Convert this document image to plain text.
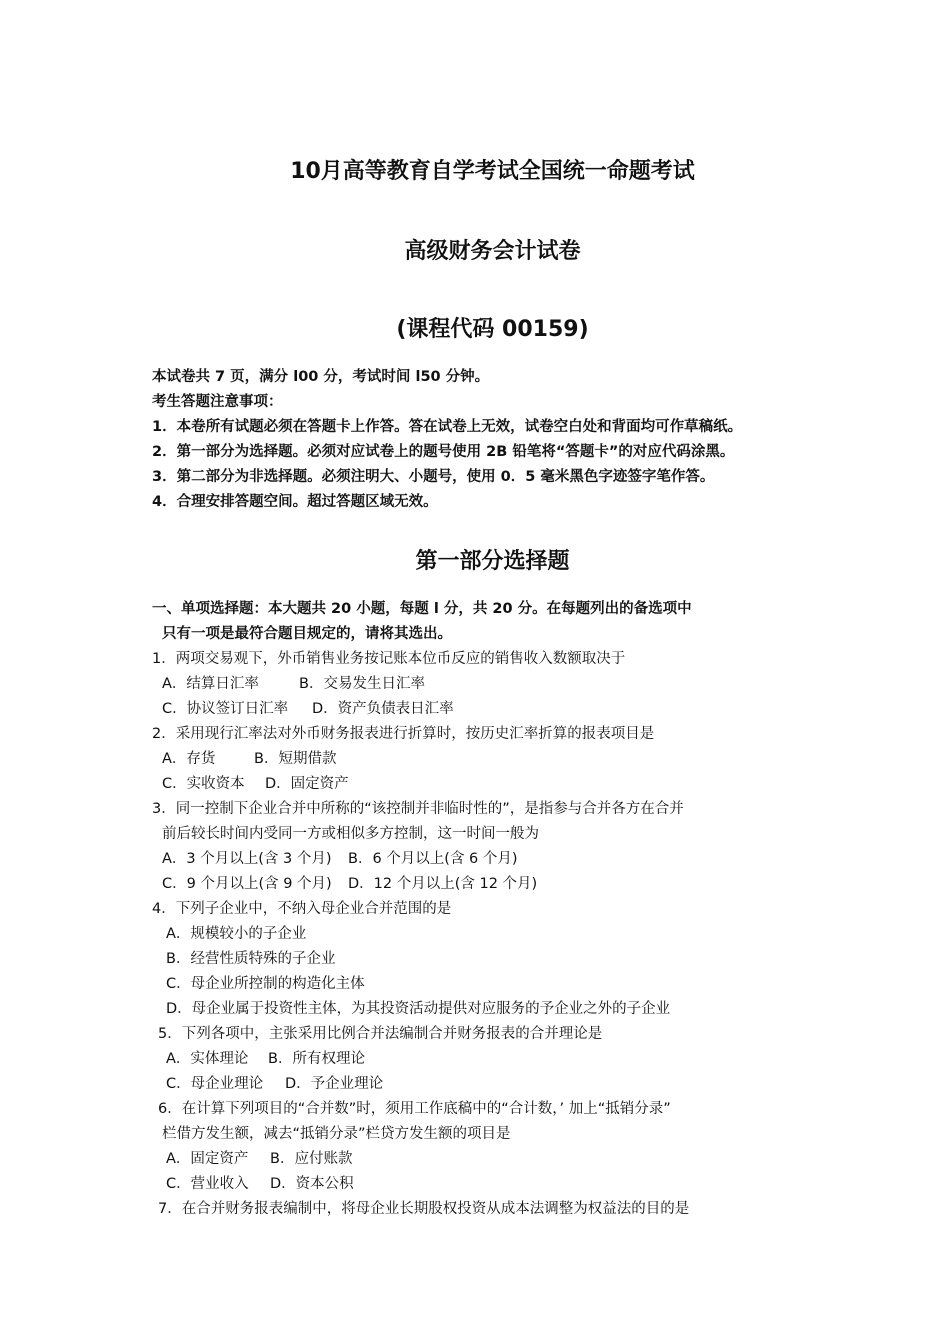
10月高等教育自学考试全国统一命题考试
高级财务会计试卷
(课程代码 00159)
本试卷共 7 页，满分 l00 分，考试时间 l50 分钟。
考生答题注意事项：
1．本卷所有试题必须在答题卡上作答。答在试卷上无效，试卷空白处和背面均可作草稿纸。
2．第一部分为选择题。必须对应试卷上的题号使用 2B 铅笔将“答题卡”的对应代码涂黑。
3．第二部分为非选择题。必须注明大、小题号，使用 0．5 毫米黑色字迹签字笔作答。
4．合理安排答题空间。超过答题区域无效。
第一部分选择题
一、单项选择题：本大题共 20 小题，每题 l 分，共 20 分。在每题列出的备选项中
只有一项是最符合题目规定的，请将其选出。
1．两项交易观下，外币销售业务按记账本位币反应的销售收入数额取决于
A．结算日汇率	B．交易发生日汇率
C．协议签订日汇率 D．资产负债表日汇率
2．采用现行汇率法对外币财务报表进行折算时，按历史汇率折算的报表项目是
A．存货	B．短期借款
C．实收资本 D．固定资产
3．同一控制下企业合并中所称的“该控制并非临时性的”，是指参与合并各方在合并
前后较长时间内受同一方或相似多方控制，这一时间一般为
A．3 个月以上(含 3 个月) B．6 个月以上(含 6 个月)
C．9 个月以上(含 9 个月) D．12 个月以上(含 12 个月)
4．下列子企业中，不纳入母企业合并范围的是
A．规模较小的子企业
B．经营性质特殊的子企业
C．母企业所控制的构造化主体
D．母企业属于投资性主体，为其投资活动提供对应服务的予企业之外的子企业
5．下列各项中，主张采用比例合并法编制合并财务报表的合并理论是
A．实体理论 B．所有权理论
C．母企业理论 D．予企业理论
6．在计算下列项目的“合并数”时，须用工作底稿中的“合计数，’ 加上“抵销分录”
栏借方发生额，减去“抵销分录”栏贷方发生额的项目是
A．固定资产 B．应付账款
C．营业收入 D．资本公积
7．在合并财务报表编制中，将母企业长期股权投资从成本法调整为权益法的目的是
